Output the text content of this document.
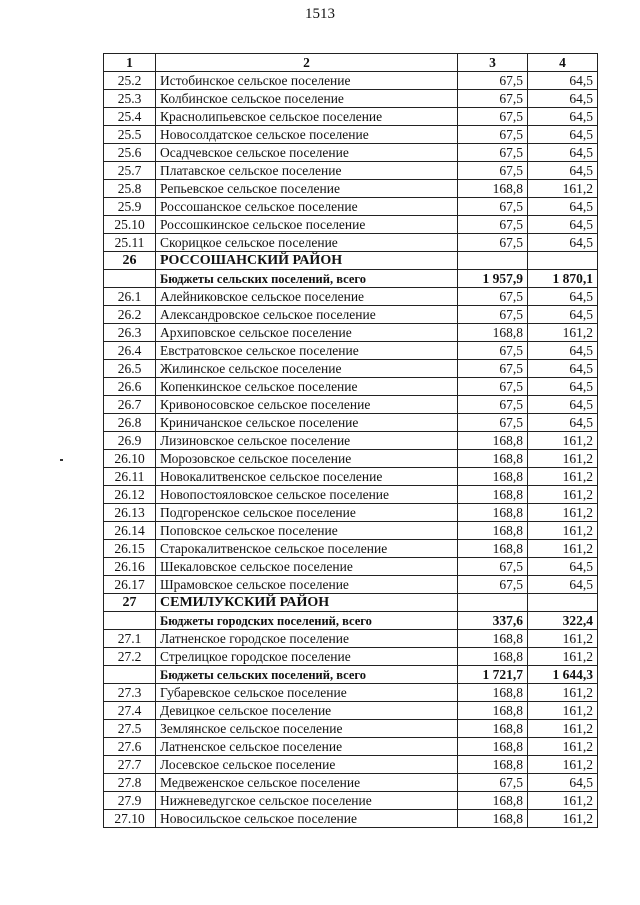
1513
1	2	3	4
25.2	Истобинское сельское поселение	67,5	64,5
25.3	Колбинское сельское поселение	67,5	64,5
25.4	Краснолипьевское сельское поселение	67,5	64,5
25.5	Новосолдатское сельское поселение	67,5	64,5
25.6	Осадчевское сельское поселение	67,5	64,5
25.7	Платавское сельское поселение	67,5	64,5
25.8	Репьевское сельское поселение	168,8	161,2
25.9	Россошанское сельское поселение	67,5	64,5
25.10	Россошкинское сельское поселение	67,5	64,5
25.11	Скорицкое сельское поселение	67,5	64,5
26	РОССОШАНСКИЙ РАЙОН		
	Бюджеты сельских поселений, всего	1 957,9	1 870,1
26.1	Алейниковское сельское поселение	67,5	64,5
26.2	Александровское сельское поселение	67,5	64,5
26.3	Архиповское сельское поселение	168,8	161,2
26.4	Евстратовское сельское поселение	67,5	64,5
26.5	Жилинское сельское поселение	67,5	64,5
26.6	Копенкинское сельское поселение	67,5	64,5
26.7	Кривоносовское сельское поселение	67,5	64,5
26.8	Криничанское сельское поселение	67,5	64,5
26.9	Лизиновское сельское поселение	168,8	161,2
26.10	Морозовское сельское поселение	168,8	161,2
26.11	Новокалитвенское сельское поселение	168,8	161,2
26.12	Новопостояловское сельское поселение	168,8	161,2
26.13	Подгоренское сельское поселение	168,8	161,2
26.14	Поповское сельское поселение	168,8	161,2
26.15	Старокалитвенское сельское поселение	168,8	161,2
26.16	Шекаловское сельское поселение	67,5	64,5
26.17	Шрамовское сельское поселение	67,5	64,5
27	СЕМИЛУКСКИЙ РАЙОН		
	Бюджеты городских поселений, всего	337,6	322,4
27.1	Латненское городское поселение	168,8	161,2
27.2	Стрелицкое городское поселение	168,8	161,2
	Бюджеты сельских поселений, всего	1 721,7	1 644,3
27.3	Губаревское сельское поселение	168,8	161,2
27.4	Девицкое сельское поселение	168,8	161,2
27.5	Землянское сельское поселение	168,8	161,2
27.6	Латненское сельское поселение	168,8	161,2
27.7	Лосевское сельское поселение	168,8	161,2
27.8	Медвеженское сельское поселение	67,5	64,5
27.9	Нижневедугское сельское поселение	168,8	161,2
27.10	Новосильское сельское поселение	168,8	161,2
